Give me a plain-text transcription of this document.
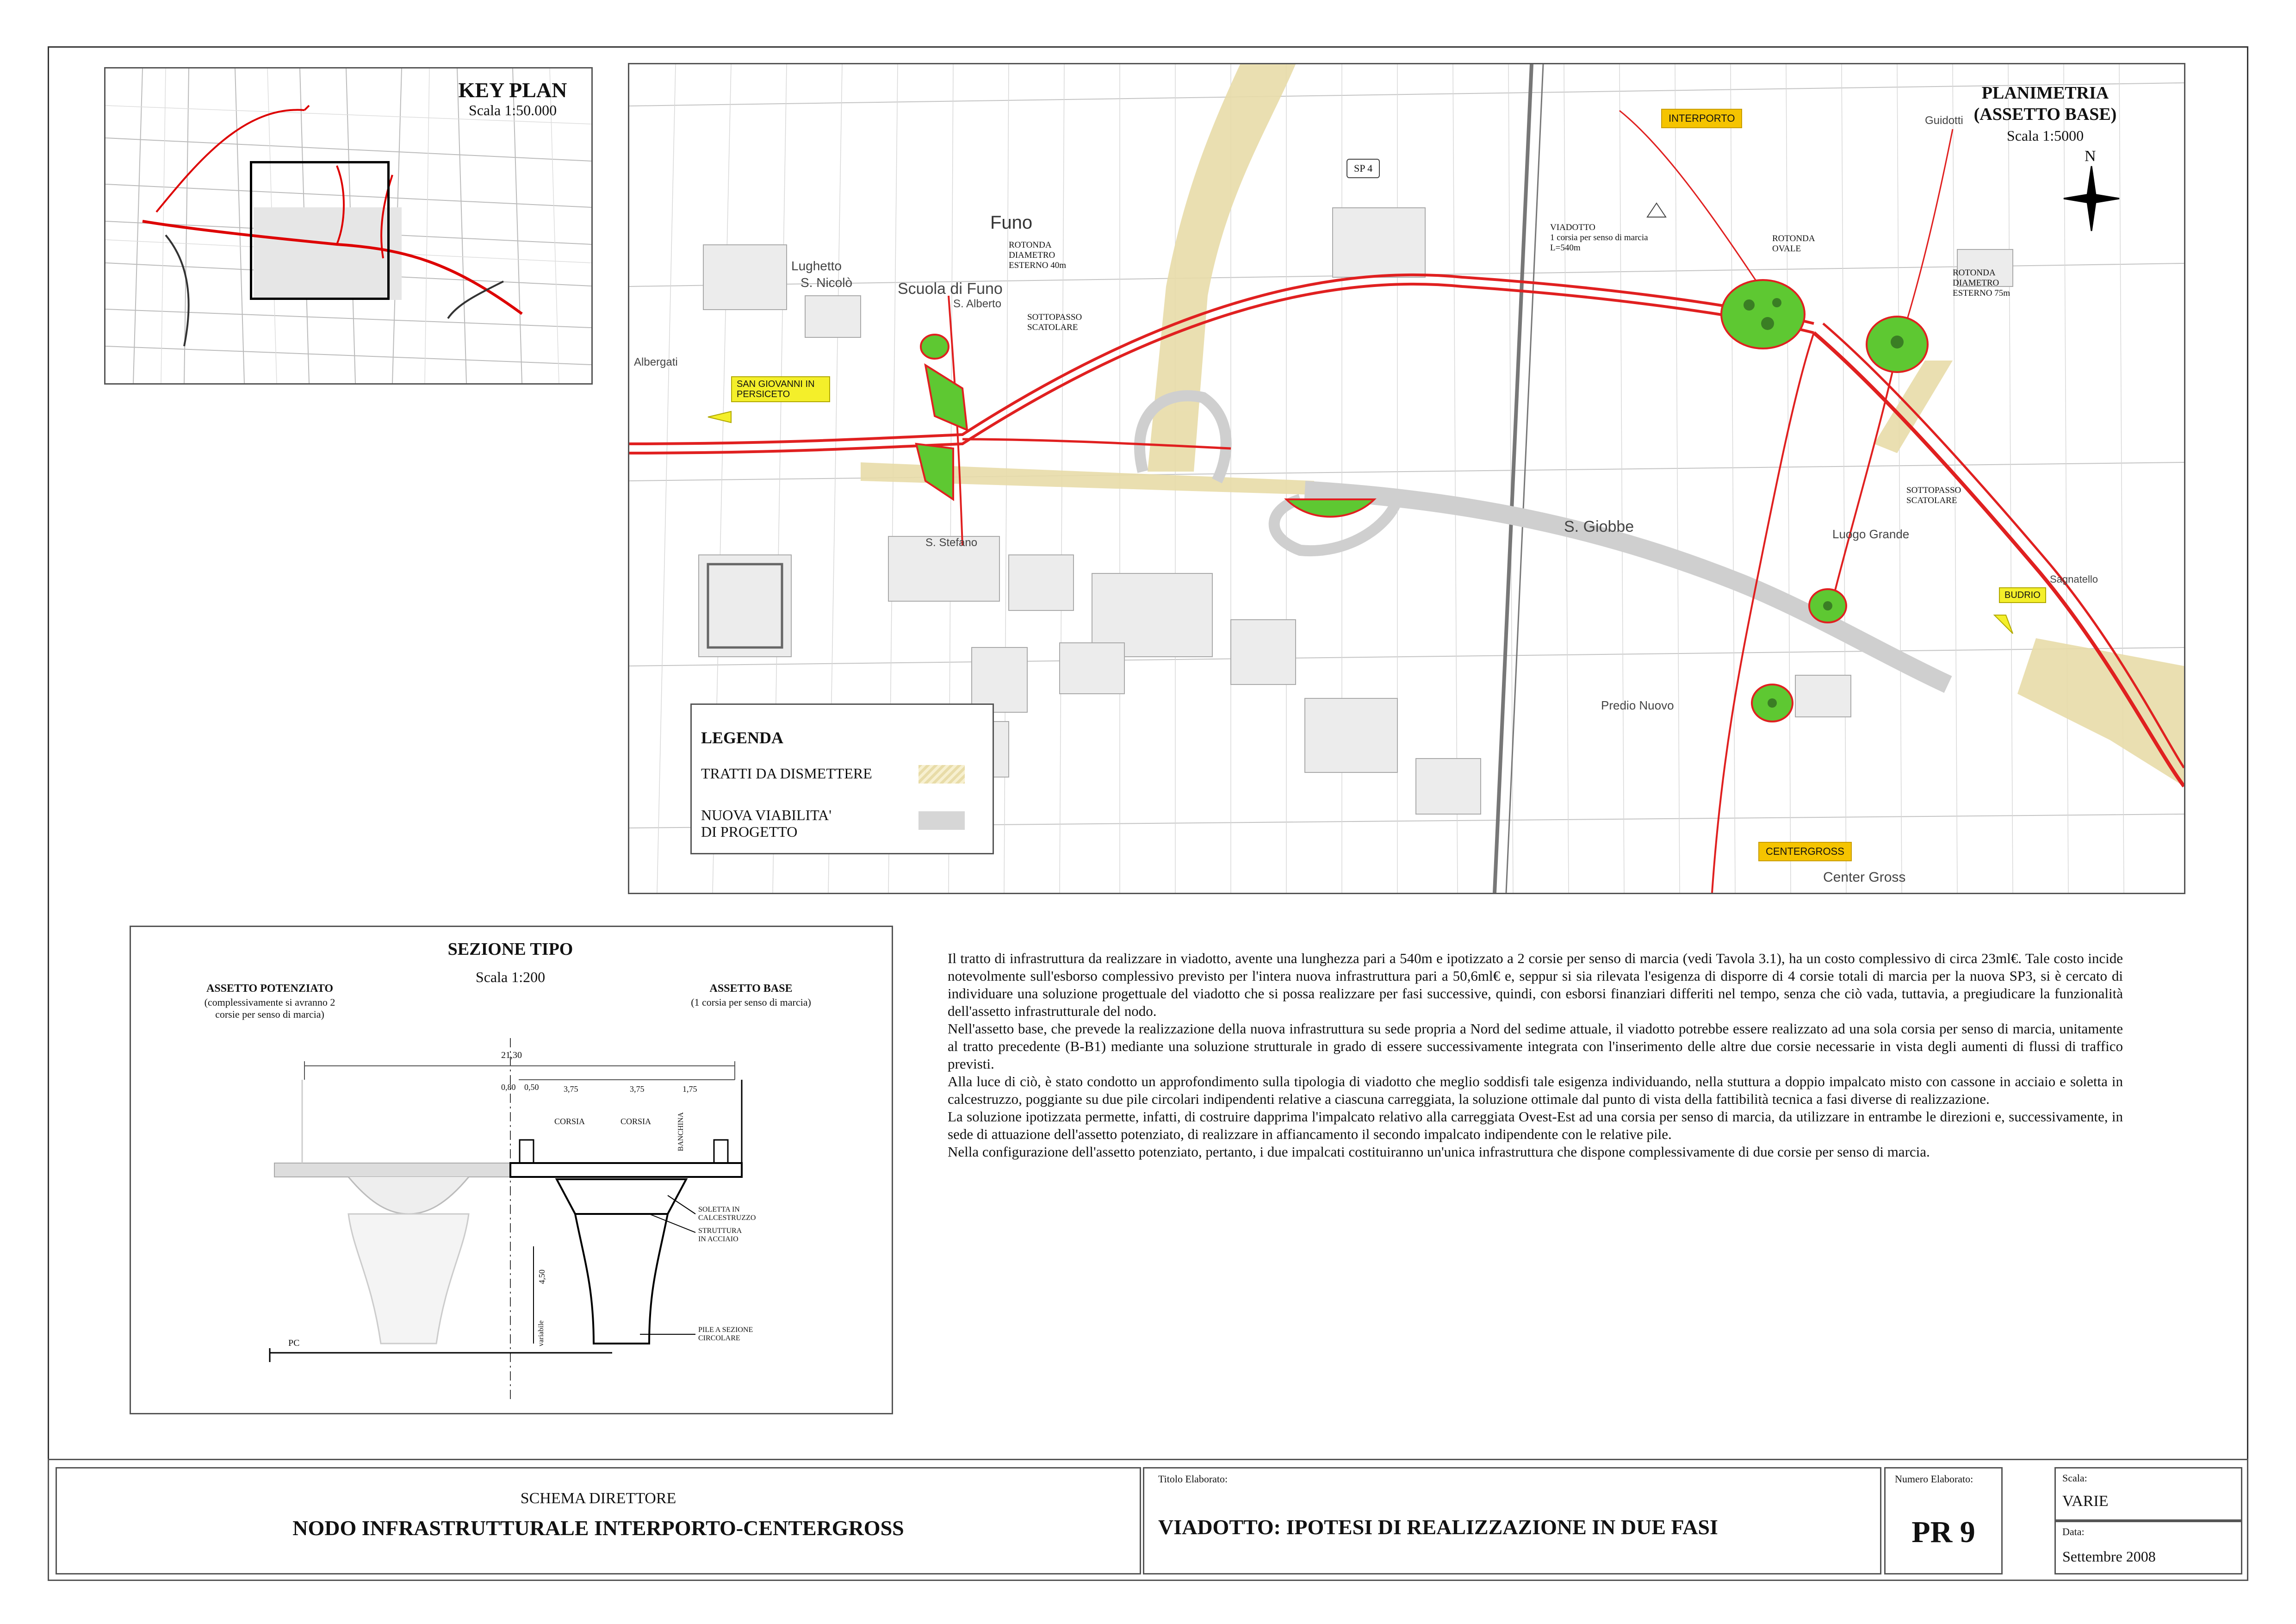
KEY PLAN
Scala 1:50.000
PLANIMETRIA
(ASSETTO BASE)
Scala 1:5000
N
INTERPORTO
CENTERGROSS
BUDRIO
SAN GIOVANNI IN PERSICETO
SP 4
ROTONDA
DIAMETRO
ESTERNO 40m
SOTTOPASSO
SCATOLARE
VIADOTTO
1 corsia per senso di marcia
L=540m
ROTONDA
OVALE
ROTONDA
DIAMETRO
ESTERNO 75m
SOTTOPASSO
SCATOLARE
Funo
Lughetto
S. Nicolò	Scuola di Funo
S. Alberto
S. Stefano
S. Giobbe	Luogo Grande
Predio Nuovo
Center Gross
Guidotti
Albergati
Sagnatello
LEGENDA
TRATTI DA DISMETTERE
NUOVA VIABILITA'
DI PROGETTO
SEZIONE TIPO
Scala 1:200
ASSETTO POTENZIATO
(complessivamente si avranno 2
corsie per senso di marcia)
ASSETTO BASE
(1 corsia per senso di marcia)
21,30
0,80 0,50	3,75	3,75	1,75
CORSIA	CORSIA	BANCHINA
SOLETTA IN
CALCESTRUZZO
STRUTTURA
IN ACCIAIO
PILE A SEZIONE
CIRCOLARE
4,50
variabile
PC

Il tratto di infrastruttura da realizzare in viadotto, avente una lunghezza pari a 540m e ipotizzato a 2 corsie per senso di marcia (vedi Tavola 3.1), ha un costo complessivo di circa 23ml€. Tale costo incide notevolmente sull'esborso complessivo previsto per l'intera nuova infrastruttura pari a 50,6ml€ e, seppur si sia rilevata l'esigenza di disporre di 4 corsie totali di marcia per la nuova SP3, si è cercato di individuare una soluzione progettuale del viadotto che si possa realizzare per fasi successive, quindi, con esborsi finanziari differiti nel tempo, senza che ciò vada, tuttavia, a pregiudicare la funzionalità dell'assetto infrastrutturale del nodo.

Nell'assetto base, che prevede la realizzazione della nuova infrastruttura su sede propria a Nord del sedime attuale, il viadotto potrebbe essere realizzato ad una sola corsia per senso di marcia, unitamente al tratto precedente (B-B1) mediante una soluzione strutturale in grado di essere successivamente integrata con l'inserimento delle altre due corsie necessarie in vista degli aumenti di flussi di traffico previsti.

Alla luce di ciò, è stato condotto un approfondimento sulla tipologia di viadotto che meglio soddisfi tale esigenza individuando, nella stuttura a doppio impalcato misto con cassone in acciaio e soletta in calcestruzzo, poggiante su due pile circolari indipendenti relative a ciascuna carreggiata, la soluzione ottimale dal punto di vista della fattibilità tecnica a fasi diverse di realizzazione.

La soluzione ipotizzata permette, infatti, di costruire dapprima l'impalcato relativo alla carreggiata Ovest-Est ad una corsia per senso di marcia, da utilizzare in entrambe le direzioni e, successivamente, in sede di attuazione dell'assetto potenziato, di realizzare in affiancamento il secondo impalcato indipendente con le relative pile.

Nella configurazione dell'assetto potenziato, pertanto, i due impalcati costituiranno un'unica infrastruttura che dispone complessivamente di due corsie per senso di marcia.

SCHEMA DIRETTORE
NODO INFRASTRUTTURALE INTERPORTO-CENTERGROSS
Titolo Elaborato:
VIADOTTO: IPOTESI DI REALIZZAZIONE IN DUE FASI
Numero Elaborato:
PR 9
Scala:
VARIE
Data:
Settembre 2008
